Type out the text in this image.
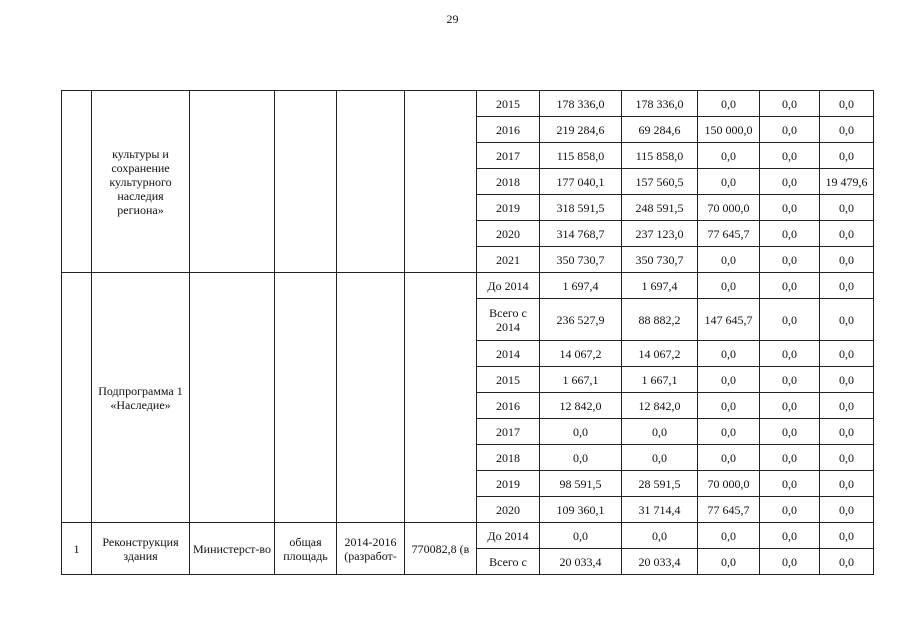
29
	культуры и сохранение культурного наследия региона»					2015	178 336,0	178 336,0	0,0	0,0	0,0
						2016	219 284,6	69 284,6	150 000,0	0,0	0,0
						2017	115 858,0	115 858,0	0,0	0,0	0,0
						2018	177 040,1	157 560,5	0,0	0,0	19 479,6
						2019	318 591,5	248 591,5	70 000,0	0,0	0,0
						2020	314 768,7	237 123,0	77 645,7	0,0	0,0
						2021	350 730,7	350 730,7	0,0	0,0	0,0
	Подпрограмма 1 «Наследие»					До 2014	1 697,4	1 697,4	0,0	0,0	0,0
						Всего с 2014	236 527,9	88 882,2	147 645,7	0,0	0,0
						2014	14 067,2	14 067,2	0,0	0,0	0,0
						2015	1 667,1	1 667,1	0,0	0,0	0,0
						2016	12 842,0	12 842,0	0,0	0,0	0,0
						2017	0,0	0,0	0,0	0,0	0,0
						2018	0,0	0,0	0,0	0,0	0,0
						2019	98 591,5	28 591,5	70 000,0	0,0	0,0
						2020	109 360,1	31 714,4	77 645,7	0,0	0,0
1	Реконструкция здания	Министерст-во	общая площадь	2014-2016 (разработ-	770082,8 (в	До 2014	0,0	0,0	0,0	0,0	0,0
						Всего с	20 033,4	20 033,4	0,0	0,0	0,0
